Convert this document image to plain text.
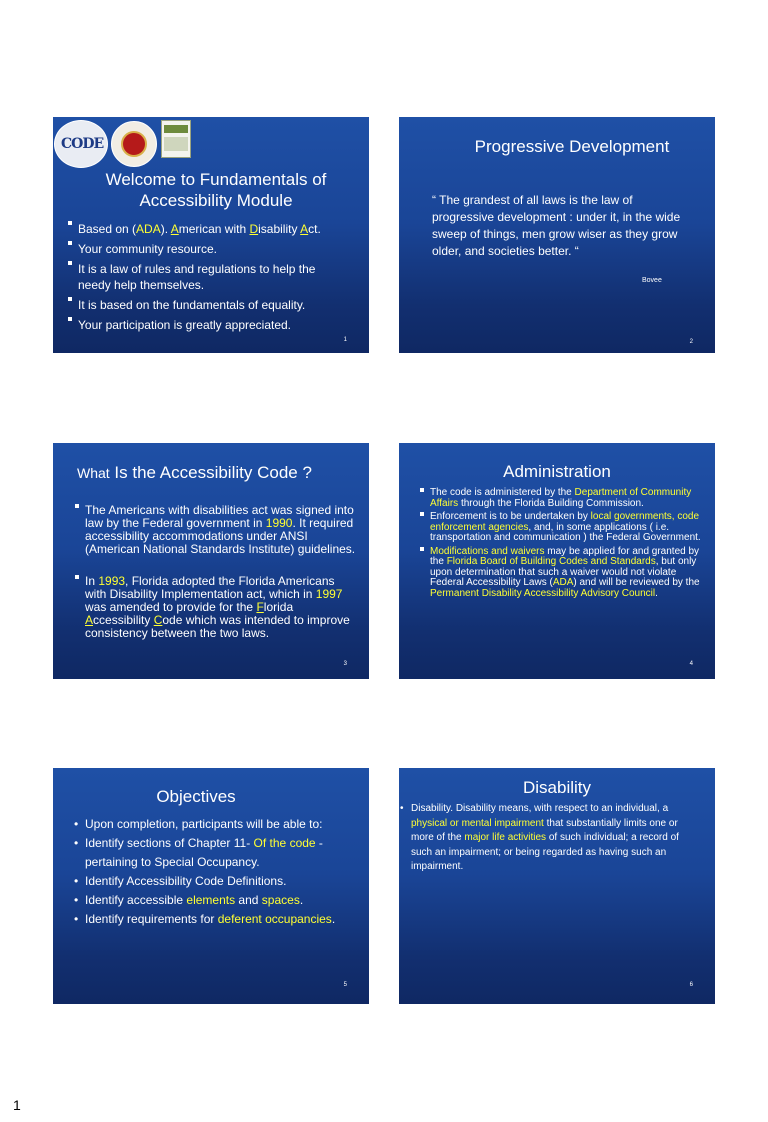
CODE
Welcome to Fundamentals of Accessibility Module
Based on (ADA). American with Disability Act.
Your community resource.
It is a law of rules and regulations to help the needy help themselves.
It is based on the fundamentals of equality.
Your participation is greatly appreciated.
1
Progressive Development
“ The grandest of all laws is the law of progressive development : under it, in the wide sweep of things, men grow wiser as they grow older, and societies better. “
Bovee
2
What Is the Accessibility Code ?
The Americans with disabilities act was signed into law by the Federal government in 1990. It required accessibility accommodations under ANSI (American National Standards Institute) guidelines.
In 1993, Florida adopted the Florida Americans with Disability Implementation act, which in 1997 was amended to provide for the Florida Accessibility Code which was intended to improve consistency between the two laws.
3
Administration
The code is administered by the Department of Community Affairs through the Florida Building Commission.
Enforcement is to be undertaken by local governments, code enforcement agencies, and, in some applications ( i.e. transportation and communication ) the Federal Government.
Modifications and waivers may be applied for and granted by the Florida Board of Building Codes and Standards, but only upon determination that such a waiver would not violate Federal Accessibility Laws (ADA) and will be reviewed by the Permanent Disability Accessibility Advisory Council.
4
Objectives
• Upon completion, participants will be able to:
• Identify sections of Chapter 11- Of the code - pertaining to Special Occupancy.
• Identify Accessibility Code Definitions.
• Identify accessible elements and spaces.
• Identify requirements for deferent occupancies.
5
Disability
• Disability. Disability means, with respect to an individual, a physical or mental impairment that substantially limits one or more of the major life activities of such individual; a record of such an impairment; or being regarded as having such an impairment.
6
1
